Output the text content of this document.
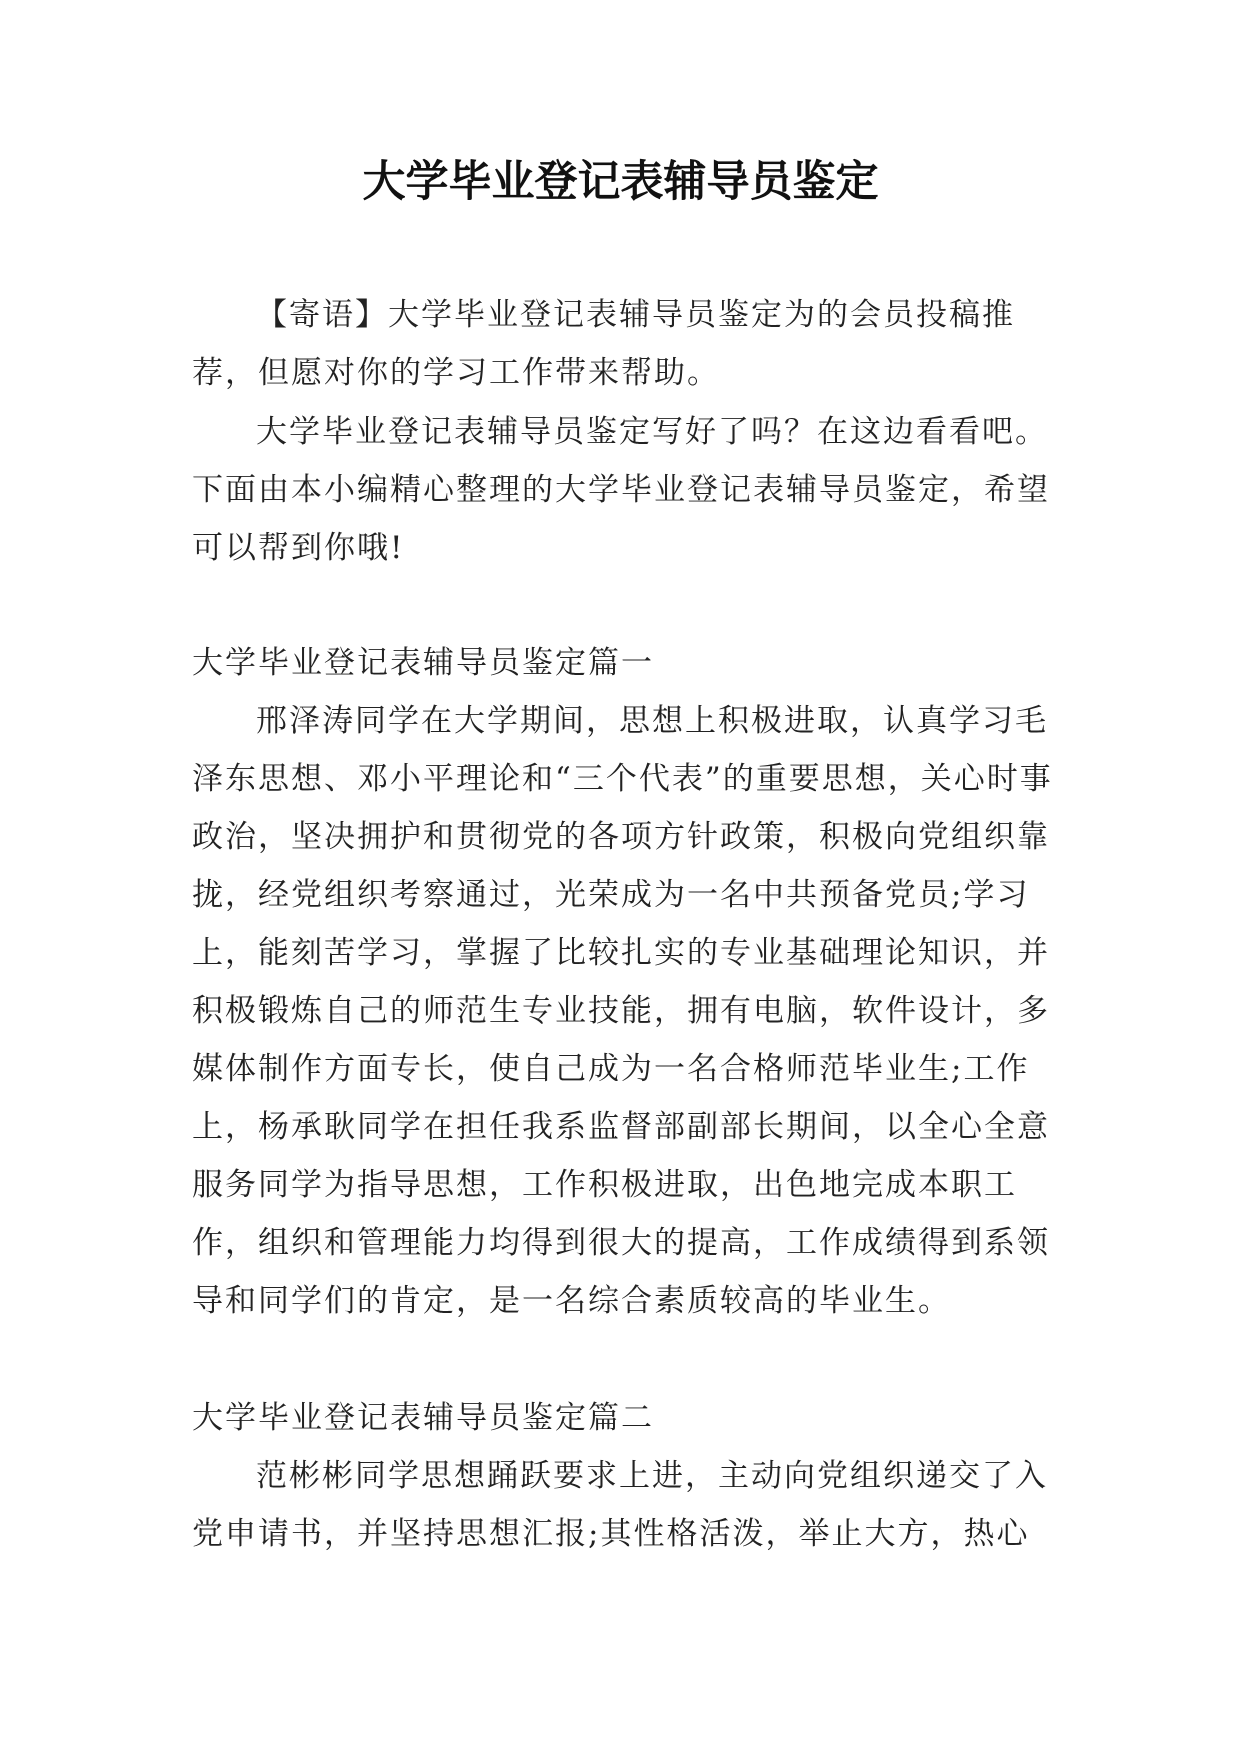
大学毕业登记表辅导员鉴定

【寄语】大学毕业登记表辅导员鉴定为的会员投稿推荐，但愿对你的学习工作带来帮助。

大学毕业登记表辅导员鉴定写好了吗？在这边看看吧。下面由本小编精心整理的大学毕业登记表辅导员鉴定，希望可以帮到你哦!

大学毕业登记表辅导员鉴定篇一

邢泽涛同学在大学期间，思想上积极进取，认真学习毛泽东思想、邓小平理论和“三个代表”的重要思想，关心时事政治，坚决拥护和贯彻党的各项方针政策，积极向党组织靠拢，经党组织考察通过，光荣成为一名中共预备党员;学习上，能刻苦学习，掌握了比较扎实的专业基础理论知识，并积极锻炼自己的师范生专业技能，拥有电脑，软件设计，多媒体制作方面专长，使自己成为一名合格师范毕业生;工作上，杨承耿同学在担任我系监督部副部长期间，以全心全意服务同学为指导思想，工作积极进取，出色地完成本职工作，组织和管理能力均得到很大的提高，工作成绩得到系领导和同学们的肯定，是一名综合素质较高的毕业生。

大学毕业登记表辅导员鉴定篇二

范彬彬同学思想踊跃要求上进，主动向党组织递交了入党申请书，并坚持思想汇报;其性格活泼，举止大方，热心
